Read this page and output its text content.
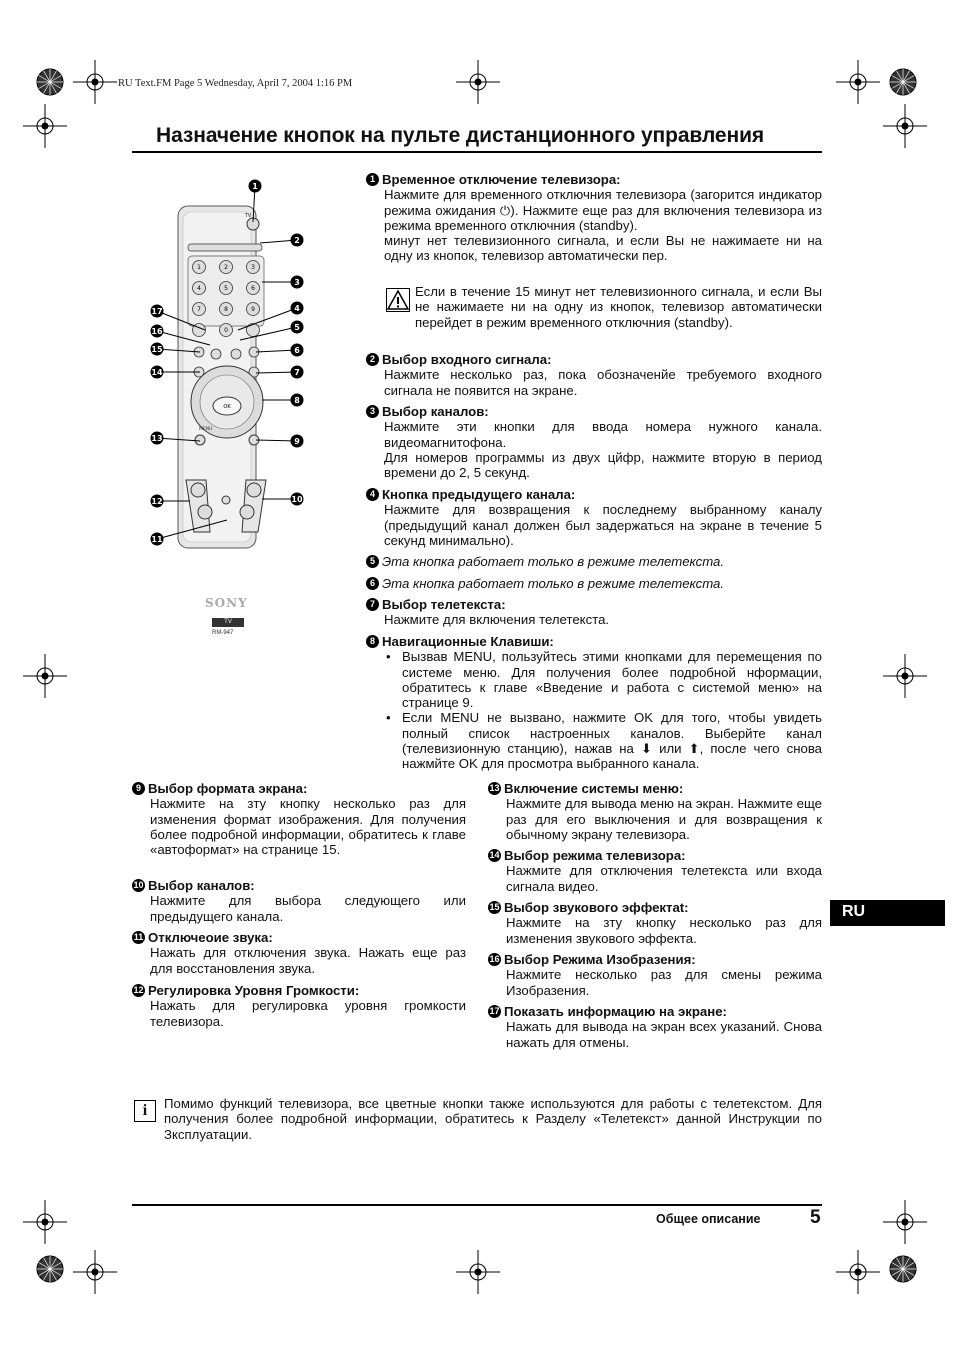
RU Text.FM Page 5 Wednesday, April 7, 2004 1:16 PM
Назначение кнопок на пульте дистанционного управления
TV
1	2	3
4	5	6
7	8	9
0
OK
MENU
SONY
TV
RM-947
1
2
3
4
5
6
7
8
9
10
11
12
13
14
15
16
17
1 Временное отключение телевизора:
Нажмите для временного отключния телевизора (загорится индикатор режима ожидания ⏻). Нажмите еще раз для включения телевизора из режима временного отключния (standby).
минут нет телевизионного сигнала, и если Вы не нажимаете ни на одну из кнопок, телевизор автоматически пер.
Если в течение 15 минут нет телевизионного сигнала, и если Вы не нажимаете ни на одну из кнопок, телевизор автоматически перейдет в режим временного отключния (standby).
2 Выбор входного сигнала:
Нажмите несколько раз, пока обозначенйе требуемого входного сигнала не появится на экране.
3 Выбор каналов:
Нажмите эти кнопки для ввода номера нужного канала. видеомагнитофона.
Для номеров программы из двух цйфр, нажмите вторую в период времени до 2, 5 секунд.
4 Кнопка предыдущего канала:
Нажмите для возвращения к последнему выбранному каналу (предыдущий канал должен был задержаться на экране в течение 5 секунд минимально).
5 Эта кнопка работает только в режиме телетекста.
6 Эта кнопка работает только в режиме телетекста.
7 Выбор телетекста:
Нажмите для включения телетекста.
8 Навигационные Клавиши:
• Вызвав MENU, пользуйтесь этими кнопками для перемещения по системе меню. Для получения более подробной нформации, обратитесь к главе «Введение и работа с системой меню» на странице 9.
• Если MENU не вызвано, нажмите OK для того, чтобы увидеть полный список настроенных каналов. Выберйте канал (телевизионную станцию), нажав на ⬇ или ⬆, после чего снова нажмйте OK для просмотра выбранного канала.
9 Выбор формата экрана:
Нажмите на зту кнопку несколько раз для изменения формат изображения. Для получения более подробной информации, обратитесь к главе «автоформат» на странице 15.
10 Выбор каналов:
Нажмите для выбора следующего или предыдущего канала.
11 Отключеоие звука:
Нажать для отключения звука. Нажать еще раз для восстановления звука.
12 Регулировка Уровня Громкости:
Нажать для регулировка уровня громкости телевизора.
13 Включение системы меню:
Нажмите для вывода меню на экран. Нажмите еще раз для его выключения и для возвращения к обычному экрану телевизора.
14 Выбор режима телевизора:
Нажмите для отключения телетекста или входа сигнала видео.
15 Выбор звукового эффектat:
Нажмите на зту кнопку несколько раз для изменения звукового эффекта.
16 Выбор Режима Изобразения:
Нажмите несколько раз для смены режима Изобразения.
17 Показать информацию на экране:
Нажать для вывода на экран всех указаний. Снова нажать для отмены.
RU
i	Помимо функций телевизора, все цветные кнопки также используются для работы с телетекстом. Для получения более подробной информации, обратитесь к Разделу «Телетекст» данной Инструкции по Зксплуатации.
Общее описание	5
